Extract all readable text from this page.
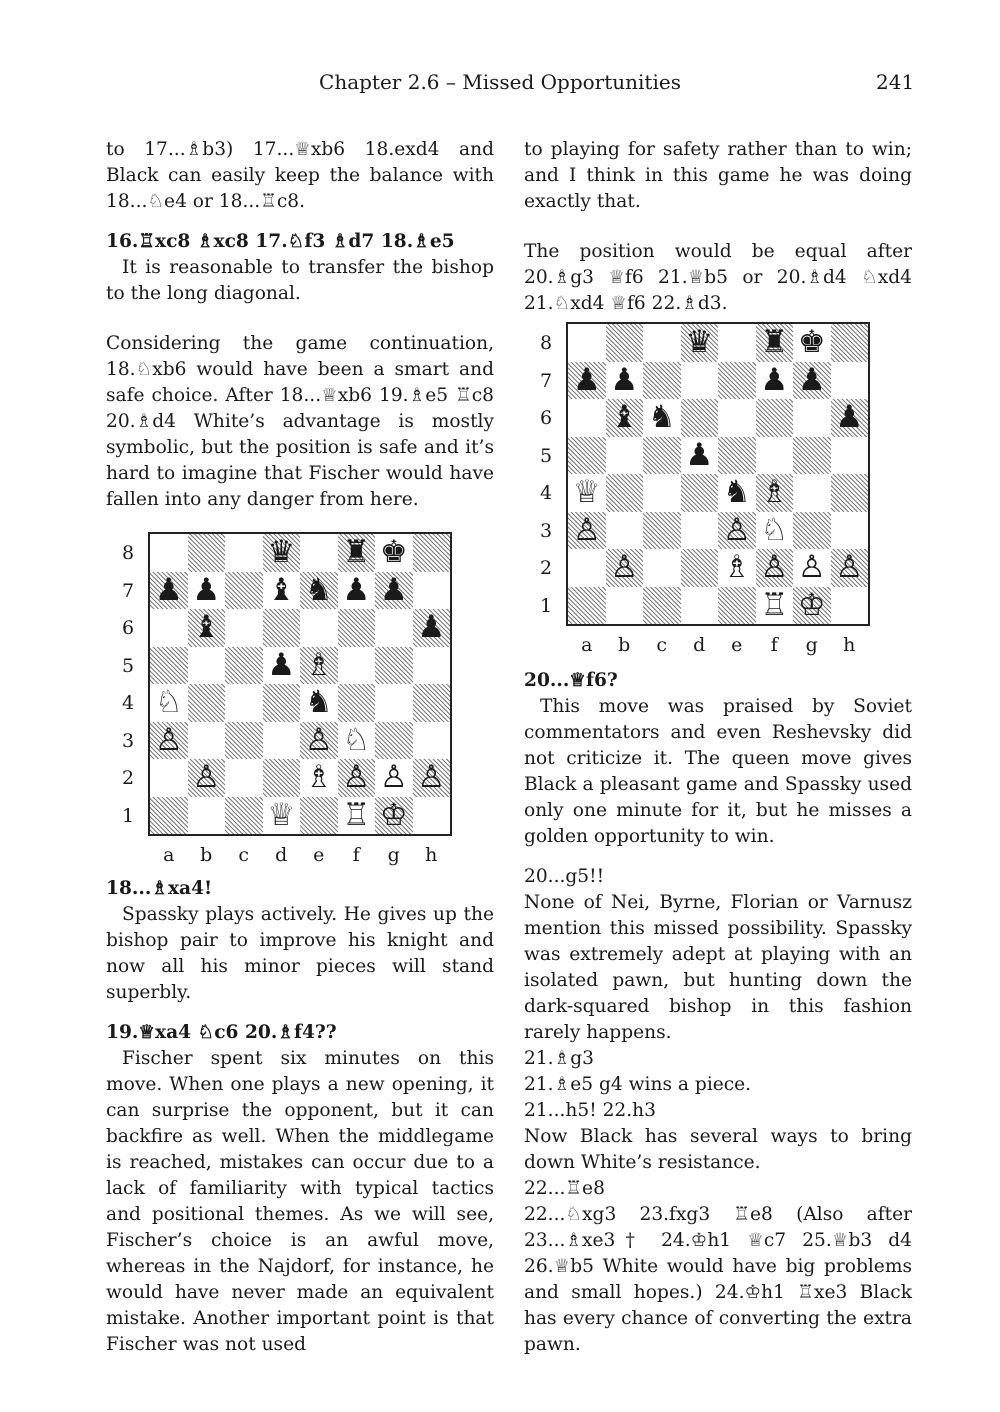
Chapter 2.6 – Missed Opportunities	241

to 17...♗b3) 17...♕xb6 18.exd4 and Black can easily keep the balance with 18...♘e4 or 18...♖c8.

16.♖xc8 ♗xc8 17.♘f3 ♗d7 18.♗e5

It is reasonable to transfer the bishop to the long diagonal.

Considering the game continuation, 18.♘xb6 would have been a smart and safe choice. After 18...♕xb6 19.♗e5 ♖c8 20.♗d4 White’s advantage is mostly symbolic, but the position is safe and it’s hard to imagine that Fischer would have fallen into any danger from here.

♛ ♜ ♚
♟ ♟ ♝ ♞ ♟ ♟
♝	♟
♟ ♗
♘	♞
♙	♙ ♘
♙	♗ ♙ ♙ ♙
♕ ♖ ♔
8
7
6
5
4
3
2
1
a	b	c	d	e	f	g	h

18...♗xa4!

Spassky plays actively. He gives up the bishop pair to improve his knight and now all his minor pieces will stand superbly.

19.♕xa4 ♘c6 20.♗f4??

Fischer spent six minutes on this move. When one plays a new opening, it can surprise the opponent, but it can backfire as well. When the middlegame is reached, mistakes can occur due to a lack of familiarity with typical tactics and positional themes. As we will see, Fischer’s choice is an awful move, whereas in the Najdorf, for instance, he would have never made an equivalent mistake. Another important point is that Fischer was not used

to playing for safety rather than to win; and I think in this game he was doing exactly that.

The position would be equal after 20.♗g3 ♕f6 21.♕b5 or 20.♗d4 ♘xd4 21.♘xd4 ♕f6 22.♗d3.

♛ ♜ ♚
♟ ♟	♟ ♟
♝ ♞	♟
♟
♕	♞ ♗
♙	♙ ♘
♙	♗ ♙ ♙ ♙
♖ ♔
8
7
6
5
4
3
2
1
a	b	c	d	e	f	g	h

20...♕f6?

This move was praised by Soviet commentators and even Reshevsky did not criticize it. The queen move gives Black a pleasant game and Spassky used only one minute for it, but he misses a golden opportunity to win.

20...g5!!

None of Nei, Byrne, Florian or Varnusz mention this missed possibility. Spassky was extremely adept at playing with an isolated pawn, but hunting down the dark-squared bishop in this fashion rarely happens.

21.♗g3

21.♗e5 g4 wins a piece.

21...h5! 22.h3

Now Black has several ways to bring down White’s resistance.

22...♖e8

22...♘xg3 23.fxg3 ♖e8 (Also after 23...♗xe3† 24.♔h1 ♕c7 25.♕b3 d4 26.♕b5 White would have big problems and small hopes.) 24.♔h1 ♖xe3 Black has every chance of converting the extra pawn.
